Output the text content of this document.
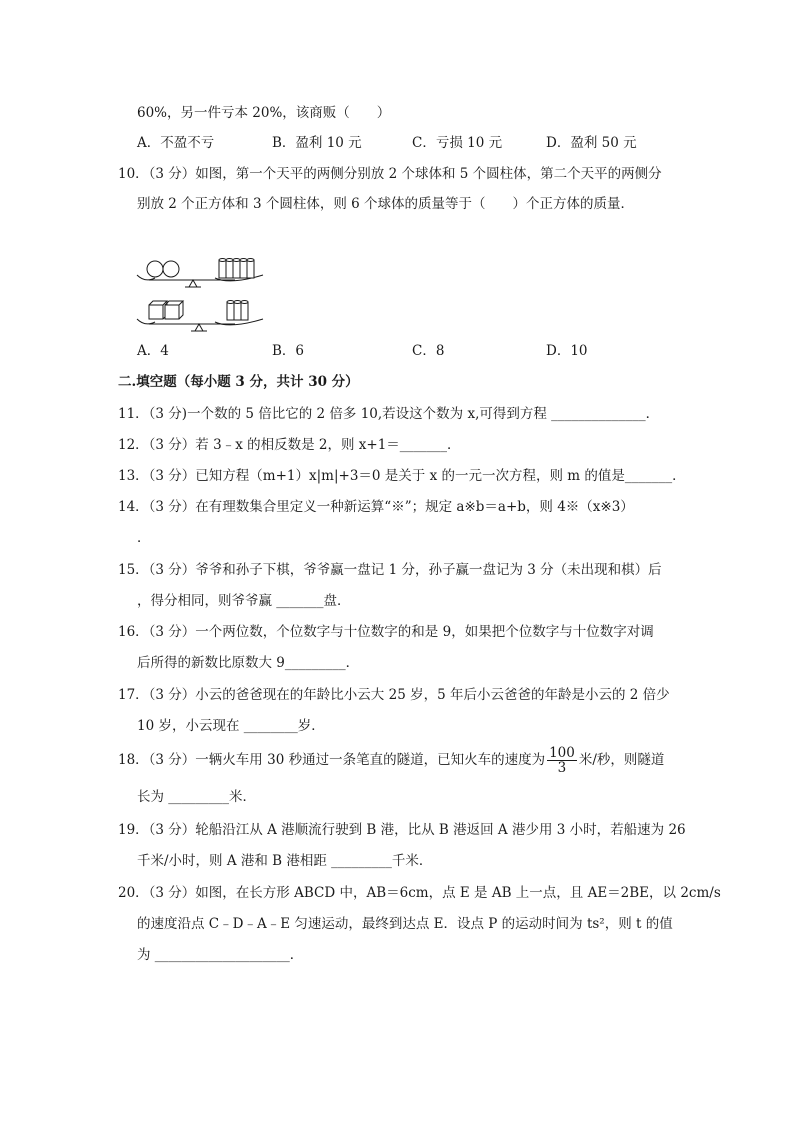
60%，另一件亏本 20%，该商贩（　　）
A．不盈不亏	B．盈利 10 元	C．亏损 10 元	D．盈利 50 元
10．（3 分）如图，第一个天平的两侧分别放 2 个球体和 5 个圆柱体，第二个天平的两侧分
别放 2 个正方体和 3 个圆柱体，则 6 个球体的质量等于（　　）个正方体的质量．
A．4	B．6	C．8	D．10
二.填空题（每小题 3 分，共计 30 分）
11．（3 分)一个数的 5 倍比它的 2 倍多 10,若设这个数为 x,可得到方程 ______________．
12．（3 分）若 3﹣x 的相反数是 2，则 x+1＝_______．
13．（3 分）已知方程（m+1）x|m|+3＝0 是关于 x 的一元一次方程，则 m 的值是_______．
14．（3 分）在有理数集合里定义一种新运算“※”；规定 a※b＝a+b，则 4※（x※3）
．
15．（3 分）爷爷和孙子下棋，爷爷赢一盘记 1 分，孙子赢一盘记为 3 分（未出现和棋）后
，得分相同，则爷爷赢 _______盘．
16．（3 分）一个两位数，个位数字与十位数字的和是 9，如果把个位数字与十位数字对调
后所得的新数比原数大 9_________．
17．（3 分）小云的爸爸现在的年龄比小云大 25 岁，5 年后小云爸爸的年龄是小云的 2 倍少
10 岁，小云现在 ________岁．
18．（3 分）一辆火车用 30 秒通过一条笔直的隧道，已知火车的速度为 $\frac{100}{3}$ 米/秒，则隧道
长为 _________米．
19．（3 分）轮船沿江从 A 港顺流行驶到 B 港，比从 B 港返回 A 港少用 3 小时，若船速为 26
千米/小时，则 A 港和 B 港相距 _________千米．
20．（3 分）如图，在长方形 ABCD 中，AB＝6cm，点 E 是 AB 上一点，且 AE＝2BE，以 2cm/s
的速度沿点 C﹣D﹣A﹣E 匀速运动，最终到达点 E．设点 P 的运动时间为 ts²，则 t 的值
为 ____________________．
